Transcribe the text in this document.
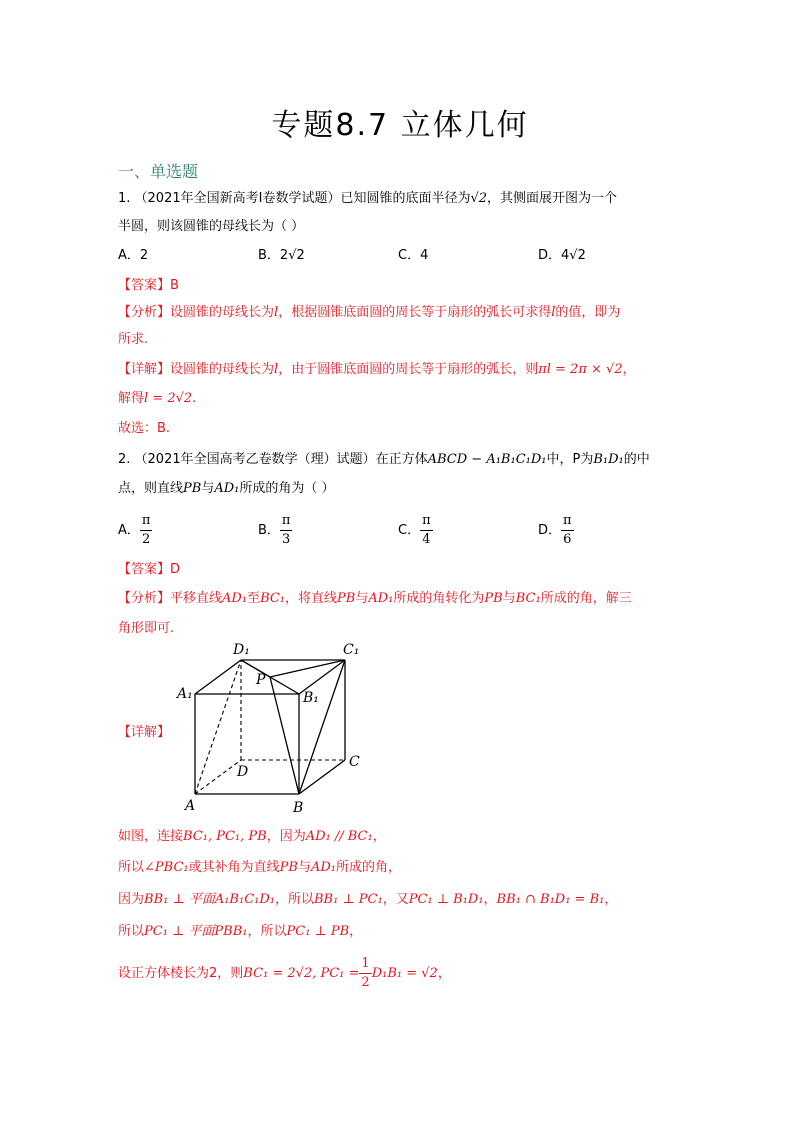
专题8.7 立体几何
一、单选题
1. （2021年全国新高考Ⅰ卷数学试题）已知圆锥的底面半径为√2，其侧面展开图为一个
半圆，则该圆锥的母线长为（ ）
A．2	B．2√2	C．4	D．4√2
【答案】B
【分析】设圆锥的母线长为l，根据圆锥底面圆的周长等于扇形的弧长可求得l的值，即为
所求.
【详解】设圆锥的母线长为l，由于圆锥底面圆的周长等于扇形的弧长，则πl = 2π × √2，
解得l = 2√2.
故选：B.
2. （2021年全国高考乙卷数学（理）试题）在正方体ABCD − A₁B₁C₁D₁中，P为B₁D₁的中
点，则直线PB与AD₁所成的角为（ ）
A． $\frac{\pi}{2}$	B． $\frac{\pi}{3}$	C． $\frac{\pi}{4}$	D． $\frac{\pi}{6}$
【答案】D
【分析】平移直线AD₁至BC₁，将直线PB与AD₁所成的角转化为PB与BC₁所成的角，解三
角形即可.
【详解】
D₁	C₁
A₁	B₁
P
D
C
A	B
如图，连接BC₁, PC₁, PB，因为AD₁ // BC₁，
所以∠PBC₁或其补角为直线PB与AD₁所成的角，
因为BB₁ ⊥ 平面A₁B₁C₁D₁，所以BB₁ ⊥ PC₁，又PC₁ ⊥ B₁D₁，BB₁ ∩ B₁D₁ = B₁，
所以PC₁ ⊥ 平面PBB₁，所以PC₁ ⊥ PB，
设正方体棱长为2，则BC₁ = 2√2, $PC_1 = \frac{1}{2} D_1B_1 = √2$，
